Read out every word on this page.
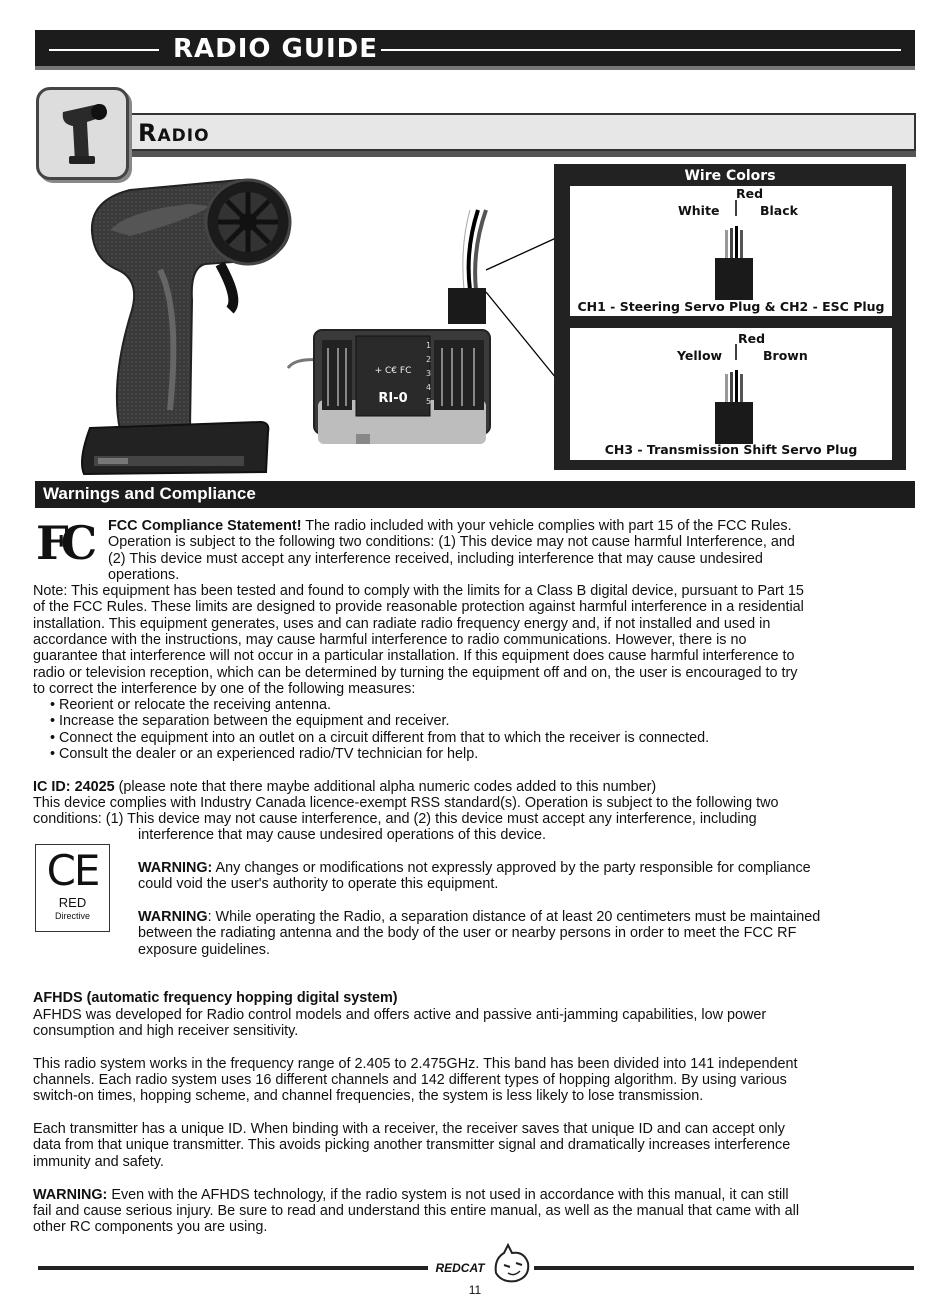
RADIO GUIDE
Radio
+ C€ FC
RI-0
1
2
3
4
5
Wire Colors
Red
White	Black
CH1 - Steering Servo Plug & CH2 - ESC Plug
Red
Yellow	Brown
CH3 - Transmission Shift Servo Plug
Warnings and Compliance
FC	FCC Compliance Statement! The radio included with your vehicle complies with part 15 of the FCC Rules.
Operation is subject to the following two conditions: (1) This device may not cause harmful Interference, and
(2) This device must accept any interference received, including interference that may cause undesired
operations.
Note: This equipment has been tested and found to comply with the limits for a Class B digital device, pursuant to Part 15
of the FCC Rules. These limits are designed to provide reasonable protection against harmful interference in a residential
installation. This equipment generates, uses and can radiate radio frequency energy and, if not installed and used in
accordance with the instructions, may cause harmful interference to radio communications. However, there is no
guarantee that interference will not occur in a particular installation. If this equipment does cause harmful interference to
radio or television reception, which can be determined by turning the equipment off and on, the user is encouraged to try
to correct the interference by one of the following measures:
• Reorient or relocate the receiving antenna.
• Increase the separation between the equipment and receiver.
• Connect the equipment into an outlet on a circuit different from that to which the receiver is connected.
• Consult the dealer or an experienced radio/TV technician for help.
IC ID: 24025 (please note that there maybe additional alpha numeric codes added to this number)
This device complies with Industry Canada licence-exempt RSS standard(s). Operation is subject to the following two
conditions: (1) This device may not cause interference, and (2) this device must accept any interference, including
interference that may cause undesired operations of this device.
CE
RED
Directive
WARNING: Any changes or modifications not expressly approved by the party responsible for compliance
could void the user's authority to operate this equipment.
WARNING: While operating the Radio, a separation distance of at least 20 centimeters must be maintained
between the radiating antenna and the body of the user or nearby persons in order to meet the FCC RF
exposure guidelines.
AFHDS (automatic frequency hopping digital system)
AFHDS was developed for Radio control models and offers active and passive anti-jamming capabilities, low power
consumption and high receiver sensitivity.
This radio system works in the frequency range of 2.405 to 2.475GHz. This band has been divided into 141 independent
channels. Each radio system uses 16 different channels and 142 different types of hopping algorithm. By using various
switch-on times, hopping scheme, and channel frequencies, the system is less likely to lose transmission.
Each transmitter has a unique ID. When binding with a receiver, the receiver saves that unique ID and can accept only
data from that unique transmitter. This avoids picking another transmitter signal and dramatically increases interference
immunity and safety.
WARNING: Even with the AFHDS technology, if the radio system is not used in accordance with this manual, it can still
fail and cause serious injury. Be sure to read and understand this entire manual, as well as the manual that came with all
other RC components you are using.
REDCAT
11
